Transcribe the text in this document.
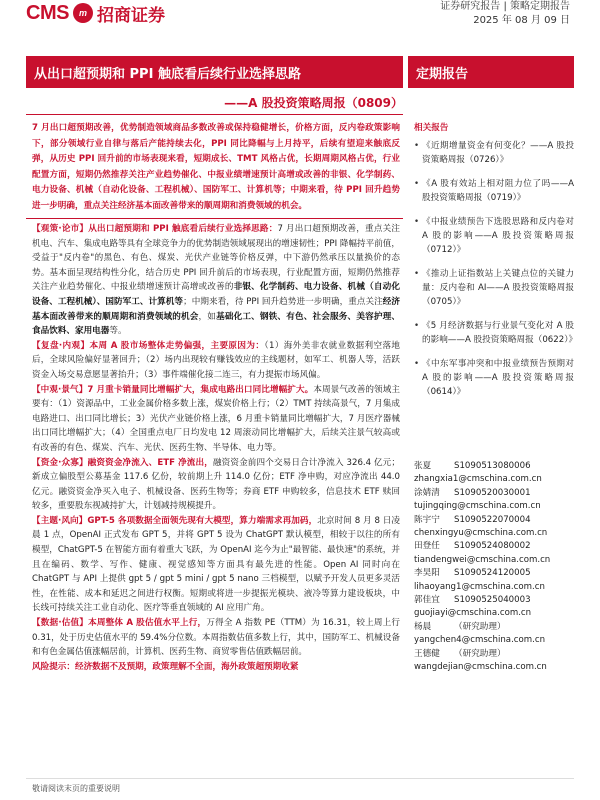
CMS	m 招商证券	证券研究报告 | 策略定期报告
2025 年 08 月 09 日
从出口超预期和 PPI 触底看后续行业选择思路	定期报告
——A 股投资策略周报（0809）
7 月出口超预期改善，优势制造领域商品多数改善或保持稳健增长，价格方面，反内卷政策影响下，部分领域行业自律与落后产能持续去化，PPI 同比降幅与上月持平，后续有望迎来触底反弹，从历史 PPI 回升前的市场表现来看，短期成长、TMT 风格占优，长期周期风格占优，行业配置方面，短期仍然推荐关注产业趋势催化、中报业绩增速预计高增或改善的非银、化学制药、电力设备、机械（自动化设备、工程机械）、国防军工、计算机等；中期来看，待 PPI 回升趋势进一步明确，重点关注经济基本面改善带来的顺周期和消费领域的机会。

【观策·论市】从出口超预期和 PPI 触底看后续行业选择思路：7 月出口超预期改善，重点关注机电、汽车、集成电路等具有全球竞争力的优势制造领域展现出的增速韧性；PPI 降幅持平前值，受益于"反内卷"的黑色、有色、煤炭、光伏产业链等价格反弹，中下游仍然承压以量换价的态势。基本面呈现结构性分化，结合历史 PPI 回升前后的市场表现，行业配置方面，短期仍然推荐关注产业趋势催化、中报业绩增速预计高增或改善的非银、化学制药、电力设备、机械（自动化设备、工程机械）、国防军工、计算机等；中期来看，待 PPI 回升趋势进一步明确，重点关注经济基本面改善带来的顺周期和消费领域的机会，如基础化工、钢铁、有色、社会服务、美容护理、食品饮料、家用电器等。

【复盘·内观】本周 A 股市场整体走势偏强，主要原因为：（1）海外美非农就业数据利空落地后，全球风险偏好显著回升；（2）场内出现较有赚钱效应的主线题材，如军工、机器人等，活跃资金入场交易意愿显著抬升；（3）事件端催化接二连三，有力提振市场风偏。

【中观·景气】7 月重卡销量同比增幅扩大，集成电路出口同比增幅扩大。本周景气改善的领域主要有：（1）资源品中，工业金属价格多数上涨，煤炭价格上行；（2）TMT 持续高景气，7 月集成电路进口、出口同比增长；3）光伏产业链价格上涨，6 月重卡销量同比增幅扩大，7 月医疗器械出口同比增幅扩大；（4）全国重点电厂日均发电 12 周滚动同比增幅扩大，后续关注景气较高或有改善的有色、煤炭、汽车、光伏、医药生物、半导体、电力等。

【资金·众寡】融资资金净流入、ETF 净流出，融资资金前四个交易日合计净流入 326.4 亿元；新成立偏股型公募基金 117.6 亿份，较前期上升 114.0 亿份；ETF 净申购，对应净流出 44.0 亿元。融资资金净买入电子、机械设备、医药生物等；券商 ETF 申购较多，信息技术 ETF 赎回较多，重要股东视减持扩大，计划减持规模提升。

【主题·风向】GPT-5 各项数据全面领先现有大模型，算力端需求再加码，北京时间 8 月 8 日凌晨 1 点，OpenAI 正式发布 GPT 5，并将 GPT 5 设为 ChatGPT 默认模型，相较于以往的所有模型，ChatGPT-5 在智能方面有着重大飞跃，为 OpenAI 迄今为止"最智能、最快速"的系统，并且在编码、数学、写作、健康、视觉感知等方面具有最先进的性能。Open AI 同时向在 ChatGPT 与 API 上提供 gpt 5 / gpt 5 mini / gpt 5 nano 三档模型，以赋予开发人员更多灵活性，在性能、成本和延迟之间进行权衡。短期或将进一步提振光模块、液冷等算力建设板块，中长线可持续关注工业自动化、医疗等垂直领域的 AI 应用广角。

【数据·估值】本周整体 A 股估值水平上行，万得全 A 指数 PE（TTM）为 16.31，较上周上行 0.31，处于历史估值水平的 59.4%分位数。本周指数估值多数上行，其中，国防军工、机械设备和有色金属估值涨幅居前，计算机、医药生物、商贸零售估值跌幅居前。

风险提示：经济数据不及预期，政策理解不全面，海外政策超预期收紧

相关报告
• 《近期增量资金有何变化？——A 股投资策略周报（0726）》
• 《A 股有效站上相对阻力位了吗——A 股投资策略周报（0719）》
• 《中报业绩预告下选股思路和反内卷对 A 股的影响——A 股投资策略周报（0712）》
• 《推动上证指数站上关键点位的关键力量：反内卷和 AI——A 股投资策略周报（0705）》
• 《5 月经济数据与行业景气变化对 A 股的影响——A 股投资策略周报（0622）》
• 《中东军事冲突和中报业绩预告预期对 A 股的影响——A 股投资策略周报（0614）》
张夏	S1090513080006
zhangxia1@cmschina.com.cn
涂婧清	S1090520030001
tujingqing@cmschina.com.cn
陈宇宁	S1090522070004
chenxingyu@cmschina.com.cn
田登任	S1090524080002
tiandengwei@cmschina.com.cn
李昊阳	S1090524120005
lihaoyang1@cmschina.com.cn
郭佳宜	S1090525040003
guojiayi@cmschina.com.cn
杨晨	（研究助理）
yangchen4@cmschina.com.cn
王德健	（研究助理）
wangdejian@cmschina.com.cn
敬请阅读末页的重要说明
